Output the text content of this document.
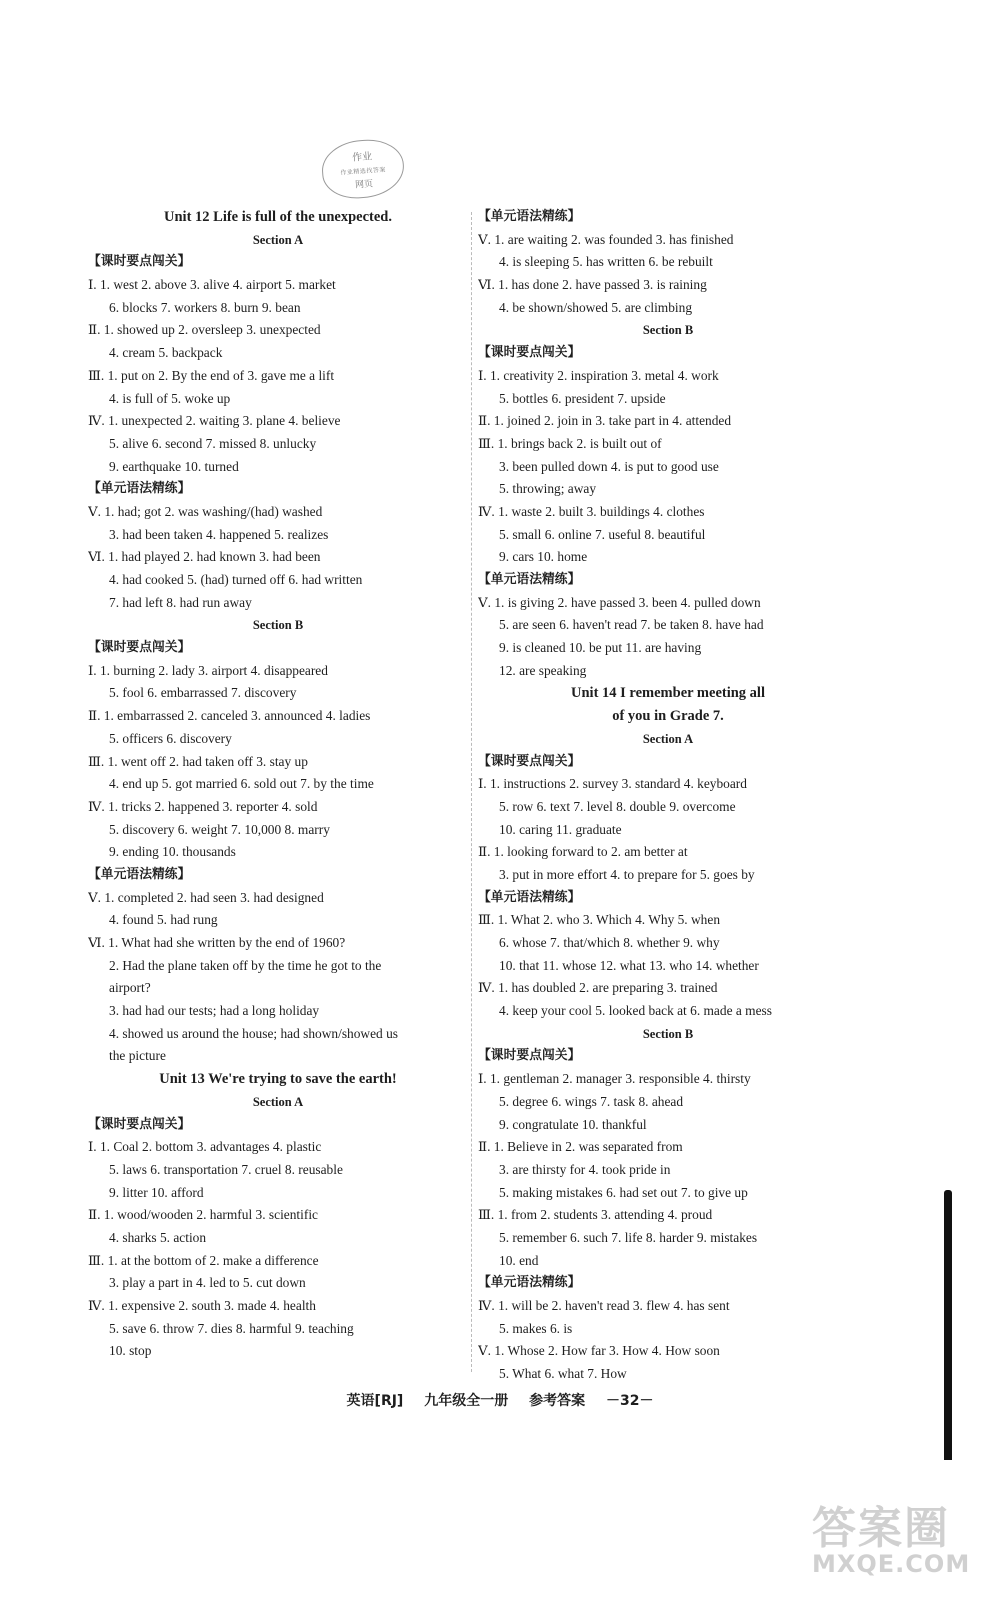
作业
作业精选找答案
网页
Unit 12 Life is full of the unexpected.
Section A
【课时要点闯关】
Ⅰ. 1. west 2. above 3. alive 4. airport 5. market
6. blocks 7. workers 8. burn 9. bean
Ⅱ. 1. showed up 2. oversleep 3. unexpected
4. cream 5. backpack
Ⅲ. 1. put on 2. By the end of 3. gave me a lift
4. is full of 5. woke up
Ⅳ. 1. unexpected 2. waiting 3. plane 4. believe
5. alive 6. second 7. missed 8. unlucky
9. earthquake 10. turned
【单元语法精练】
Ⅴ. 1. had; got 2. was washing/(had) washed
3. had been taken 4. happened 5. realizes
Ⅵ. 1. had played 2. had known 3. had been
4. had cooked 5. (had) turned off 6. had written
7. had left 8. had run away
Section B
【课时要点闯关】
Ⅰ. 1. burning 2. lady 3. airport 4. disappeared
5. fool 6. embarrassed 7. discovery
Ⅱ. 1. embarrassed 2. canceled 3. announced 4. ladies
5. officers 6. discovery
Ⅲ. 1. went off 2. had taken off 3. stay up
4. end up 5. got married 6. sold out 7. by the time
Ⅳ. 1. tricks 2. happened 3. reporter 4. sold
5. discovery 6. weight 7. 10,000 8. marry
9. ending 10. thousands
【单元语法精练】
Ⅴ. 1. completed 2. had seen 3. had designed
4. found 5. had rung
Ⅵ. 1. What had she written by the end of 1960?
2. Had the plane taken off by the time he got to the
airport?
3. had had our tests; had a long holiday
4. showed us around the house; had shown/showed us
the picture
Unit 13 We're trying to save the earth!
Section A
【课时要点闯关】
Ⅰ. 1. Coal 2. bottom 3. advantages 4. plastic
5. laws 6. transportation 7. cruel 8. reusable
9. litter 10. afford
Ⅱ. 1. wood/wooden 2. harmful 3. scientific
4. sharks 5. action
Ⅲ. 1. at the bottom of 2. make a difference
3. play a part in 4. led to 5. cut down
Ⅳ. 1. expensive 2. south 3. made 4. health
5. save 6. throw 7. dies 8. harmful 9. teaching
10. stop
【单元语法精练】
Ⅴ. 1. are waiting 2. was founded 3. has finished
4. is sleeping 5. has written 6. be rebuilt
Ⅵ. 1. has done 2. have passed 3. is raining
4. be shown/showed 5. are climbing
Section B
【课时要点闯关】
Ⅰ. 1. creativity 2. inspiration 3. metal 4. work
5. bottles 6. president 7. upside
Ⅱ. 1. joined 2. join in 3. take part in 4. attended
Ⅲ. 1. brings back 2. is built out of
3. been pulled down 4. is put to good use
5. throwing; away
Ⅳ. 1. waste 2. built 3. buildings 4. clothes
5. small 6. online 7. useful 8. beautiful
9. cars 10. home
【单元语法精练】
Ⅴ. 1. is giving 2. have passed 3. been 4. pulled down
5. are seen 6. haven't read 7. be taken 8. have had
9. is cleaned 10. be put 11. are having
12. are speaking
Unit 14 I remember meeting all
of you in Grade 7.
Section A
【课时要点闯关】
Ⅰ. 1. instructions 2. survey 3. standard 4. keyboard
5. row 6. text 7. level 8. double 9. overcome
10. caring 11. graduate
Ⅱ. 1. looking forward to 2. am better at
3. put in more effort 4. to prepare for 5. goes by
【单元语法精练】
Ⅲ. 1. What 2. who 3. Which 4. Why 5. when
6. whose 7. that/which 8. whether 9. why
10. that 11. whose 12. what 13. who 14. whether
Ⅳ. 1. has doubled 2. are preparing 3. trained
4. keep your cool 5. looked back at 6. made a mess
Section B
【课时要点闯关】
Ⅰ. 1. gentleman 2. manager 3. responsible 4. thirsty
5. degree 6. wings 7. task 8. ahead
9. congratulate 10. thankful
Ⅱ. 1. Believe in 2. was separated from
3. are thirsty for 4. took pride in
5. making mistakes 6. had set out 7. to give up
Ⅲ. 1. from 2. students 3. attending 4. proud
5. remember 6. such 7. life 8. harder 9. mistakes
10. end
【单元语法精练】
Ⅳ. 1. will be 2. haven't read 3. flew 4. has sent
5. makes 6. is
Ⅴ. 1. Whose 2. How far 3. How 4. How soon
5. What 6. what 7. How
英语[RJ] 九年级全一册 参考答案 －32－
答案圈
MXQE.COM
